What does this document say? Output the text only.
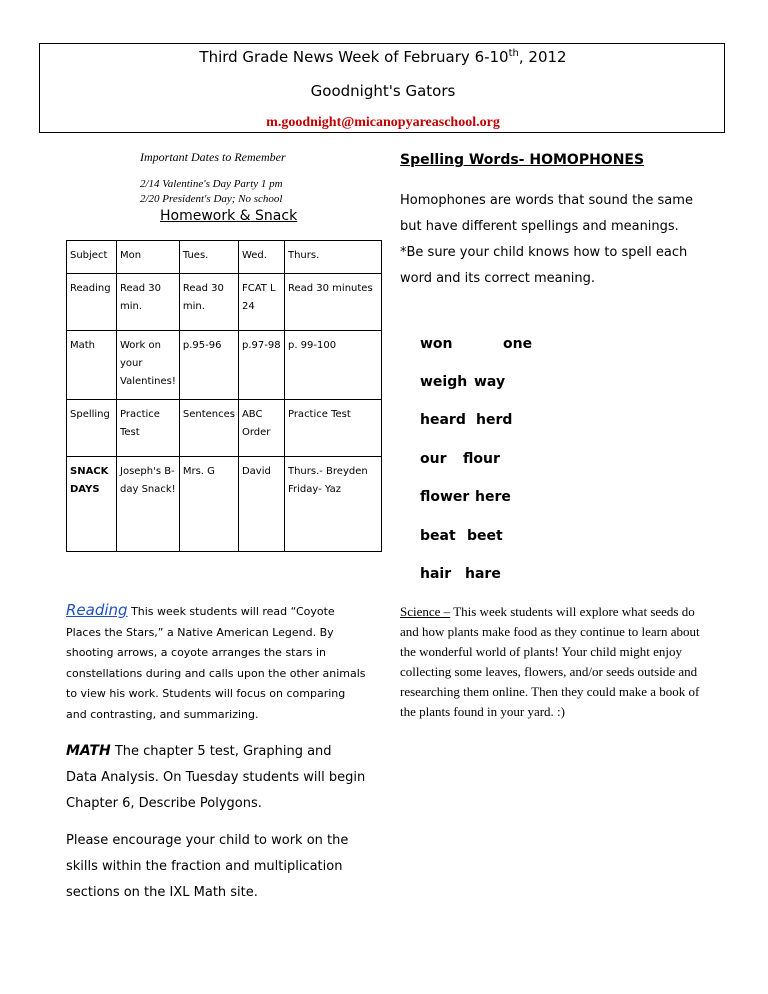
Third Grade News Week of February 6-10th, 2012
Goodnight's Gators
m.goodnight@micanopyareaschool.org
Important Dates to Remember
2/14 Valentine's Day Party 1 pm
2/20 President's Day; No school
Homework & Snack
Subject	Mon	Tues.	Wed.	Thurs.
Reading	Read 30 min.	Read 30 min.	FCAT L 24	Read 30 minutes
Math	Work on your Valentines!	p.95-96	p.97-98	p. 99-100
Spelling	Practice Test	Sentences	ABC Order	Practice Test
SNACK DAYS	Joseph's B-day Snack!	Mrs. G	David	Thurs.- Breyden Friday- Yaz
Spelling Words- HOMOPHONES
Homophones are words that sound the same but have different spellings and meanings. *Be sure your child knows how to spell each word and its correct meaning.
won	one
weigh way
heard herd
our flour
flower here
beat beet
hair hare
Reading This week students will read “Coyote Places the Stars,” a Native American Legend. By shooting arrows, a coyote arranges the stars in constellations during and calls upon the other animals to view his work. Students will focus on comparing and contrasting, and summarizing.
MATH The chapter 5 test, Graphing and Data Analysis. On Tuesday students will begin Chapter 6, Describe Polygons.
Please encourage your child to work on the skills within the fraction and multiplication sections on the IXL Math site.
Science – This week students will explore what seeds do and how plants make food as they continue to learn about the wonderful world of plants! Your child might enjoy collecting some leaves, flowers, and/or seeds outside and researching them online. Then they could make a book of the plants found in your yard. :)
